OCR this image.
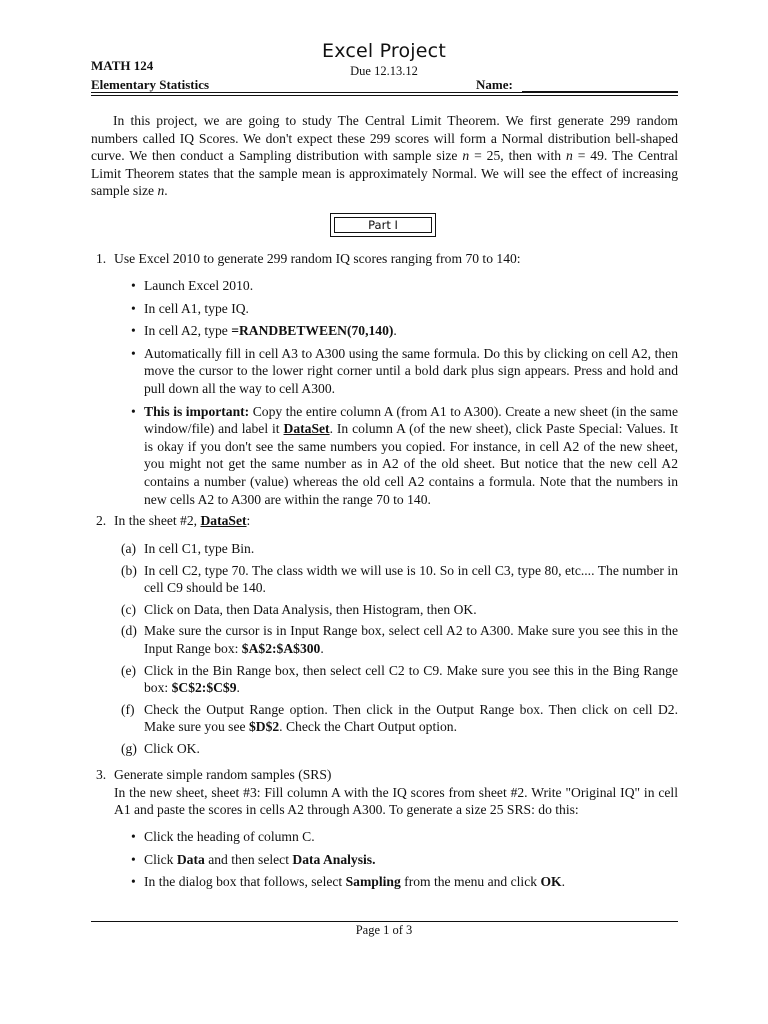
Excel Project
MATH 124	Due 12.13.12
Elementary Statistics	Name:

In this project, we are going to study The Central Limit Theorem. We first generate 299 random numbers called IQ Scores. We don't expect these 299 scores will form a Normal distribution bell-shaped curve. We then conduct a Sampling distribution with sample size n = 25, then with n = 49. The Central Limit Theorem states that the sample mean is approximately Normal. We will see the effect of increasing sample size n.

Part I
1. Use Excel 2010 to generate 299 random IQ scores ranging from 70 to 140:
• Launch Excel 2010.
• In cell A1, type IQ.
• In cell A2, type =RANDBETWEEN(70,140).
• Automatically fill in cell A3 to A300 using the same formula. Do this by clicking on cell A2, then move the cursor to the lower right corner until a bold dark plus sign appears. Press and hold and pull down all the way to cell A300.
• This is important: Copy the entire column A (from A1 to A300). Create a new sheet (in the same window/file) and label it DataSet. In column A (of the new sheet), click Paste Special: Values. It is okay if you don't see the same numbers you copied. For instance, in cell A2 of the new sheet, you might not get the same number as in A2 of the old sheet. But notice that the new cell A2 contains a number (value) whereas the old cell A2 contains a formula. Note that the numbers in new cells A2 to A300 are within the range 70 to 140.
2. In the sheet #2, DataSet:
(a) In cell C1, type Bin.
(b) In cell C2, type 70. The class width we will use is 10. So in cell C3, type 80, etc.... The number in cell C9 should be 140.
(c) Click on Data, then Data Analysis, then Histogram, then OK.
(d) Make sure the cursor is in Input Range box, select cell A2 to A300. Make sure you see this in the Input Range box: $A$2:$A$300.
(e) Click in the Bin Range box, then select cell C2 to C9. Make sure you see this in the Bing Range box: $C$2:$C$9.
(f) Check the Output Range option. Then click in the Output Range box. Then click on cell D2. Make sure you see $D$2. Check the Chart Output option.
(g) Click OK.
3. Generate simple random samples (SRS)
In the new sheet, sheet #3: Fill column A with the IQ scores from sheet #2. Write "Original IQ" in cell A1 and paste the scores in cells A2 through A300. To generate a size 25 SRS: do this:
• Click the heading of column C.
• Click Data and then select Data Analysis.
• In the dialog box that follows, select Sampling from the menu and click OK.
Page 1 of 3
